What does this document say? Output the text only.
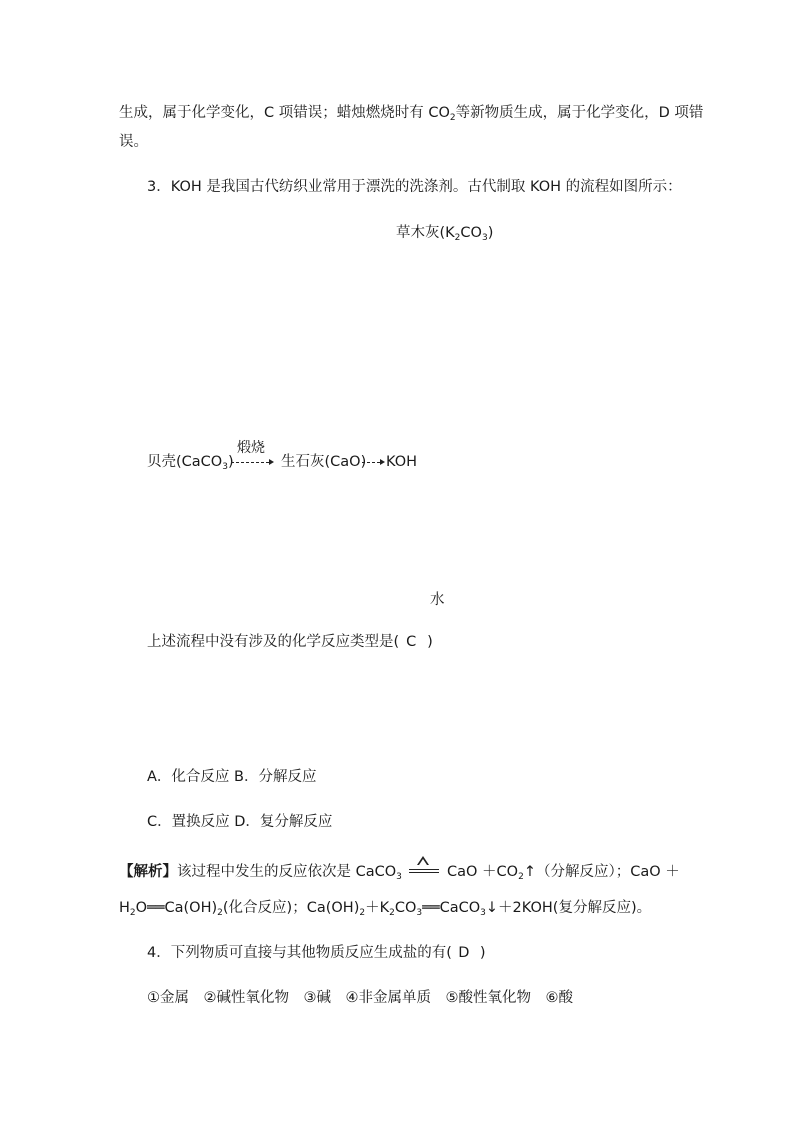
生成，属于化学变化，C 项错误；蜡烛燃烧时有 $CO_2$等新物质生成，属于化学变化，D 项错
误。
3．KOH 是我国古代纺织业常用于漂洗的洗涤剂。古代制取 KOH 的流程如图所示：
草木灰$(K_2CO_3)$
煅烧
贝壳(CaCO$_3$)	生石灰(CaO) KOH
水
上述流程中没有涉及的化学反应类型是( C )
A．化合反应 B．分解反应
C．置换反应 D．复分解反应
【解析】该过程中发生的反应依次是 CaCO$_3$	CaO $+CO_2↑$（分解反应）；CaO ＋
$H_2O══Ca(OH)_2$(化合反应)；$Ca(OH)_2+K_2CO_3══CaCO_3↓+2KOH$(复分解反应)。
4．下列物质可直接与其他物质反应生成盐的有( D )
①金属　②碱性氧化物　③碱　④非金属单质　⑤酸性氧化物　⑥酸
